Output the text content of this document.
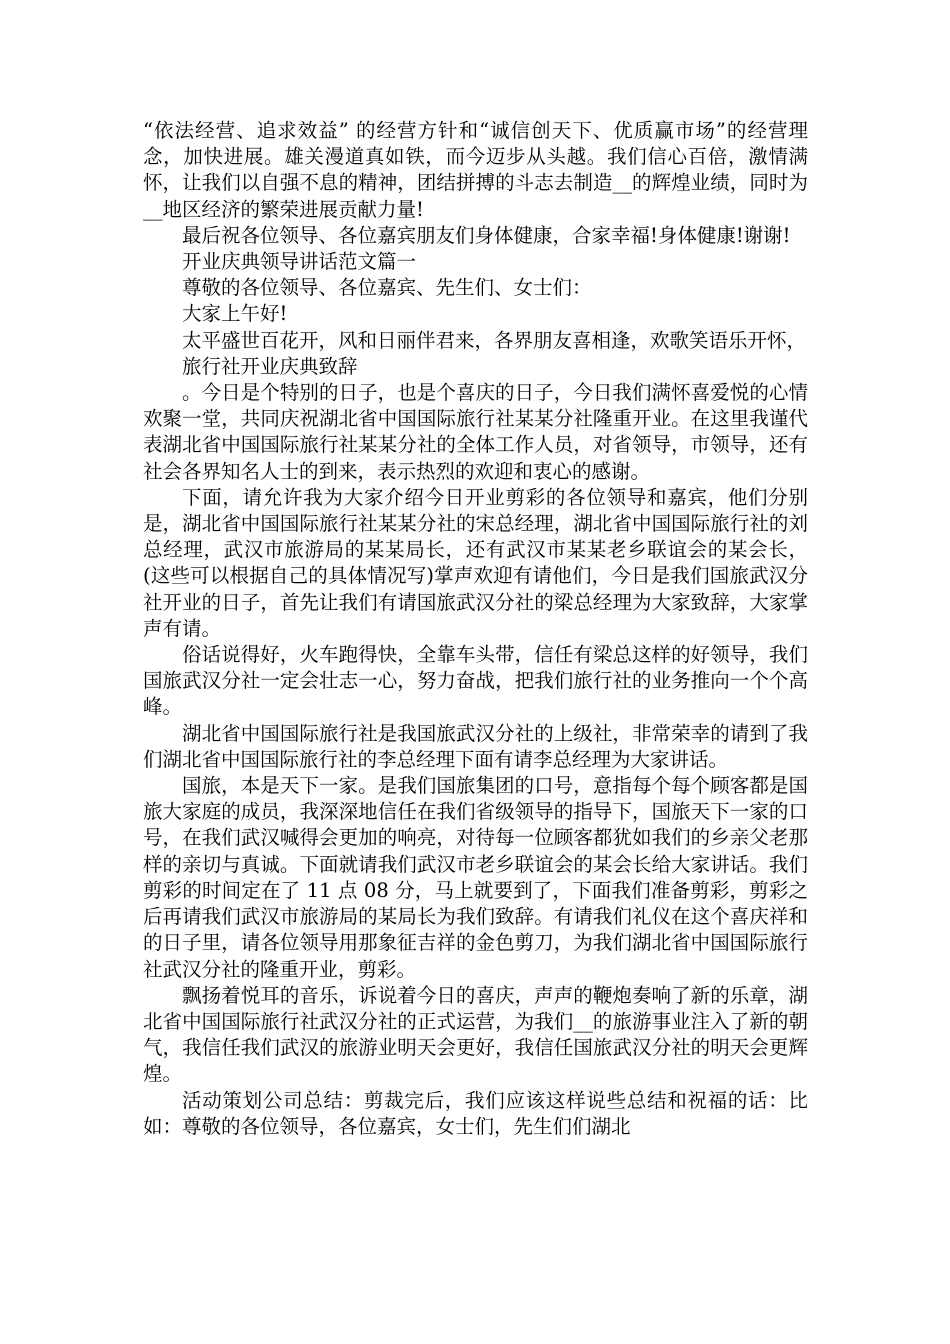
“依法经营、追求效益” 的经营方针和“诚信创天下、优质赢市场”的经营理念，加快进展。雄关漫道真如铁，而今迈步从头越。我们信心百倍，激情满怀，让我们以自强不息的精神，团结拼搏的斗志去制造__的辉煌业绩，同时为__地区经济的繁荣进展贡献力量!

最后祝各位领导、各位嘉宾朋友们身体健康，合家幸福!身体健康!谢谢!

开业庆典领导讲话范文篇一

尊敬的各位领导、各位嘉宾、先生们、女士们：

大家上午好!

太平盛世百花开，风和日丽伴君来，各界朋友喜相逢，欢歌笑语乐开怀，

旅行社开业庆典致辞

。今日是个特别的日子，也是个喜庆的日子，今日我们满怀喜爱悦的心情欢聚一堂，共同庆祝湖北省中国国际旅行社某某分社隆重开业。在这里我谨代表湖北省中国国际旅行社某某分社的全体工作人员，对省领导，市领导，还有社会各界知名人士的到来，表示热烈的欢迎和衷心的感谢。

下面，请允许我为大家介绍今日开业剪彩的各位领导和嘉宾，他们分别是，湖北省中国国际旅行社某某分社的宋总经理，湖北省中国国际旅行社的刘总经理，武汉市旅游局的某某局长，还有武汉市某某老乡联谊会的某会长，(这些可以根据自己的具体情况写)掌声欢迎有请他们，今日是我们国旅武汉分社开业的日子，首先让我们有请国旅武汉分社的梁总经理为大家致辞，大家掌声有请。

俗话说得好，火车跑得快，全靠车头带，信任有梁总这样的好领导，我们国旅武汉分社一定会壮志一心，努力奋战，把我们旅行社的业务推向一个个高峰。

湖北省中国国际旅行社是我国旅武汉分社的上级社，非常荣幸的请到了我们湖北省中国国际旅行社的李总经理下面有请李总经理为大家讲话。

国旅，本是天下一家。是我们国旅集团的口号，意指每个每个顾客都是国旅大家庭的成员，我深深地信任在我们省级领导的指导下，国旅天下一家的口号，在我们武汉喊得会更加的响亮，对待每一位顾客都犹如我们的乡亲父老那样的亲切与真诚。下面就请我们武汉市老乡联谊会的某会长给大家讲话。我们剪彩的时间定在了 11 点 08 分，马上就要到了，下面我们准备剪彩，剪彩之后再请我们武汉市旅游局的某局长为我们致辞。有请我们礼仪在这个喜庆祥和的日子里，请各位领导用那象征吉祥的金色剪刀，为我们湖北省中国国际旅行社武汉分社的隆重开业，剪彩。

飘扬着悦耳的音乐，诉说着今日的喜庆，声声的鞭炮奏响了新的乐章，湖北省中国国际旅行社武汉分社的正式运营，为我们__的旅游事业注入了新的朝气，我信任我们武汉的旅游业明天会更好，我信任国旅武汉分社的明天会更辉煌。

活动策划公司总结：剪裁完后，我们应该这样说些总结和祝福的话：比如：尊敬的各位领导，各位嘉宾，女士们，先生们们湖北
